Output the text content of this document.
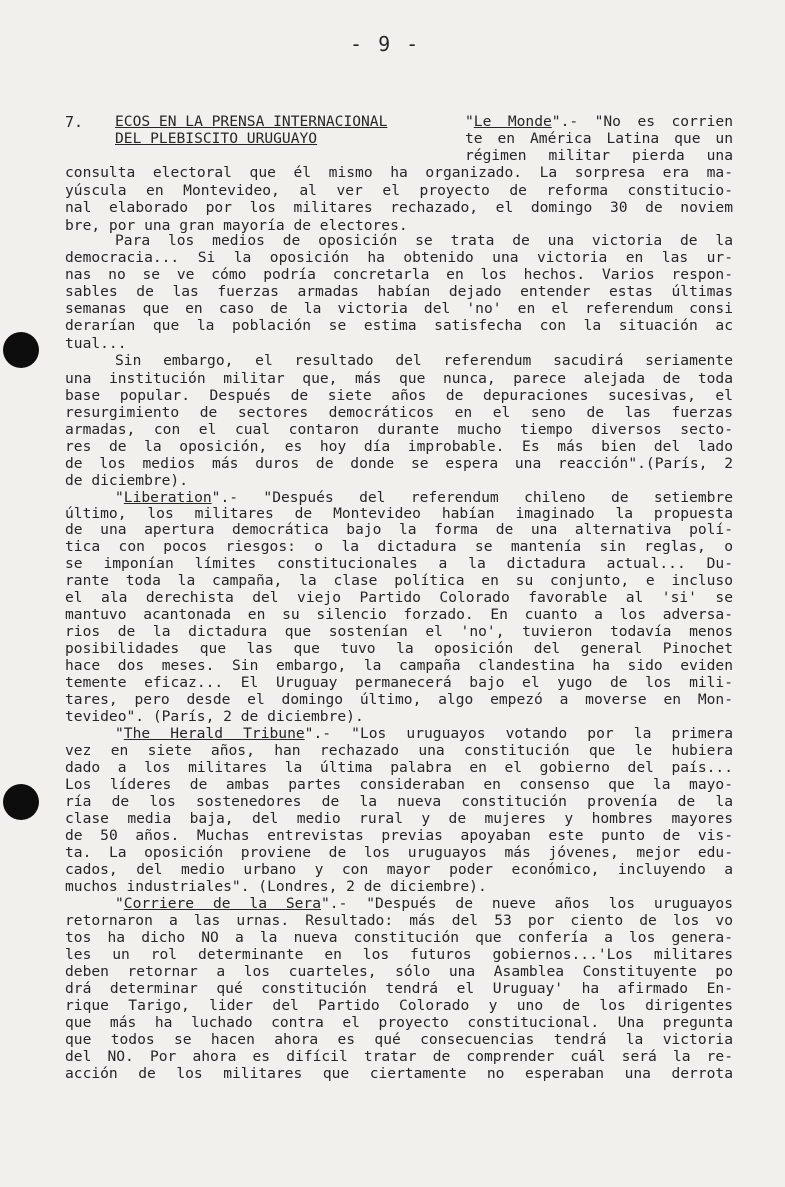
- 9 -
7. ECOS EN LA PRENSA INTERNACIONAL
DEL PLEBISCITO URUGUAYO
"Le Monde".- "No es corrien
te en América Latina que un
régimen militar pierda una
consulta electoral que él mismo ha organizado. La sorpresa era ma-
yúscula en Montevideo, al ver el proyecto de reforma constitucio-
nal elaborado por los militares rechazado, el domingo 30 de noviem
bre, por una gran mayoría de electores.
Para los medios de oposición se trata de una victoria de la
democracia... Si la oposición ha obtenido una victoria en las ur-
nas no se ve cómo podría concretarla en los hechos. Varios respon-
sables de las fuerzas armadas habían dejado entender estas últimas
semanas que en caso de la victoria del 'no' en el referendum consi
derarían que la población se estima satisfecha con la situación ac
tual...
Sin embargo, el resultado del referendum sacudirá seriamente
una institución militar que, más que nunca, parece alejada de toda
base popular. Después de siete años de depuraciones sucesivas, el
resurgimiento de sectores democráticos en el seno de las fuerzas
armadas, con el cual contaron durante mucho tiempo diversos secto-
res de la oposición, es hoy día improbable. Es más bien del lado
de los medios más duros de donde se espera una reacción".(París, 2
de diciembre).
"Liberation".- "Después del referendum chileno de setiembre
último, los militares de Montevideo habían imaginado la propuesta
de una apertura democrática bajo la forma de una alternativa polí-
tica con pocos riesgos: o la dictadura se mantenía sin reglas, o
se imponían límites constitucionales a la dictadura actual... Du-
rante toda la campaña, la clase política en su conjunto, e incluso
el ala derechista del viejo Partido Colorado favorable al 'si' se
mantuvo acantonada en su silencio forzado. En cuanto a los adversa-
rios de la dictadura que sostenían el 'no', tuvieron todavía menos
posibilidades que las que tuvo la oposición del general Pinochet
hace dos meses. Sin embargo, la campaña clandestina ha sido eviden
temente eficaz... El Uruguay permanecerá bajo el yugo de los mili-
tares, pero desde el domingo último, algo empezó a moverse en Mon-
tevideo". (París, 2 de diciembre).
"The Herald Tribune".- "Los uruguayos votando por la primera
vez en siete años, han rechazado una constitución que le hubiera
dado a los militares la última palabra en el gobierno del país...
Los líderes de ambas partes consideraban en consenso que la mayo-
ría de los sostenedores de la nueva constitución provenía de la
clase media baja, del medio rural y de mujeres y hombres mayores
de 50 años. Muchas entrevistas previas apoyaban este punto de vis-
ta. La oposición proviene de los uruguayos más jóvenes, mejor edu-
cados, del medio urbano y con mayor poder económico, incluyendo a
muchos industriales". (Londres, 2 de diciembre).
"Corriere de la Sera".- "Después de nueve años los uruguayos
retornaron a las urnas. Resultado: más del 53 por ciento de los vo
tos ha dicho NO a la nueva constitución que confería a los genera-
les un rol determinante en los futuros gobiernos...'Los militares
deben retornar a los cuarteles, sólo una Asamblea Constituyente po
drá determinar qué constitución tendrá el Uruguay' ha afirmado En-
rique Tarigo, lider del Partido Colorado y uno de los dirigentes
que más ha luchado contra el proyecto constitucional. Una pregunta
que todos se hacen ahora es qué consecuencias tendrá la victoria
del NO. Por ahora es difícil tratar de comprender cuál será la re-
acción de los militares que ciertamente no esperaban una derrota
